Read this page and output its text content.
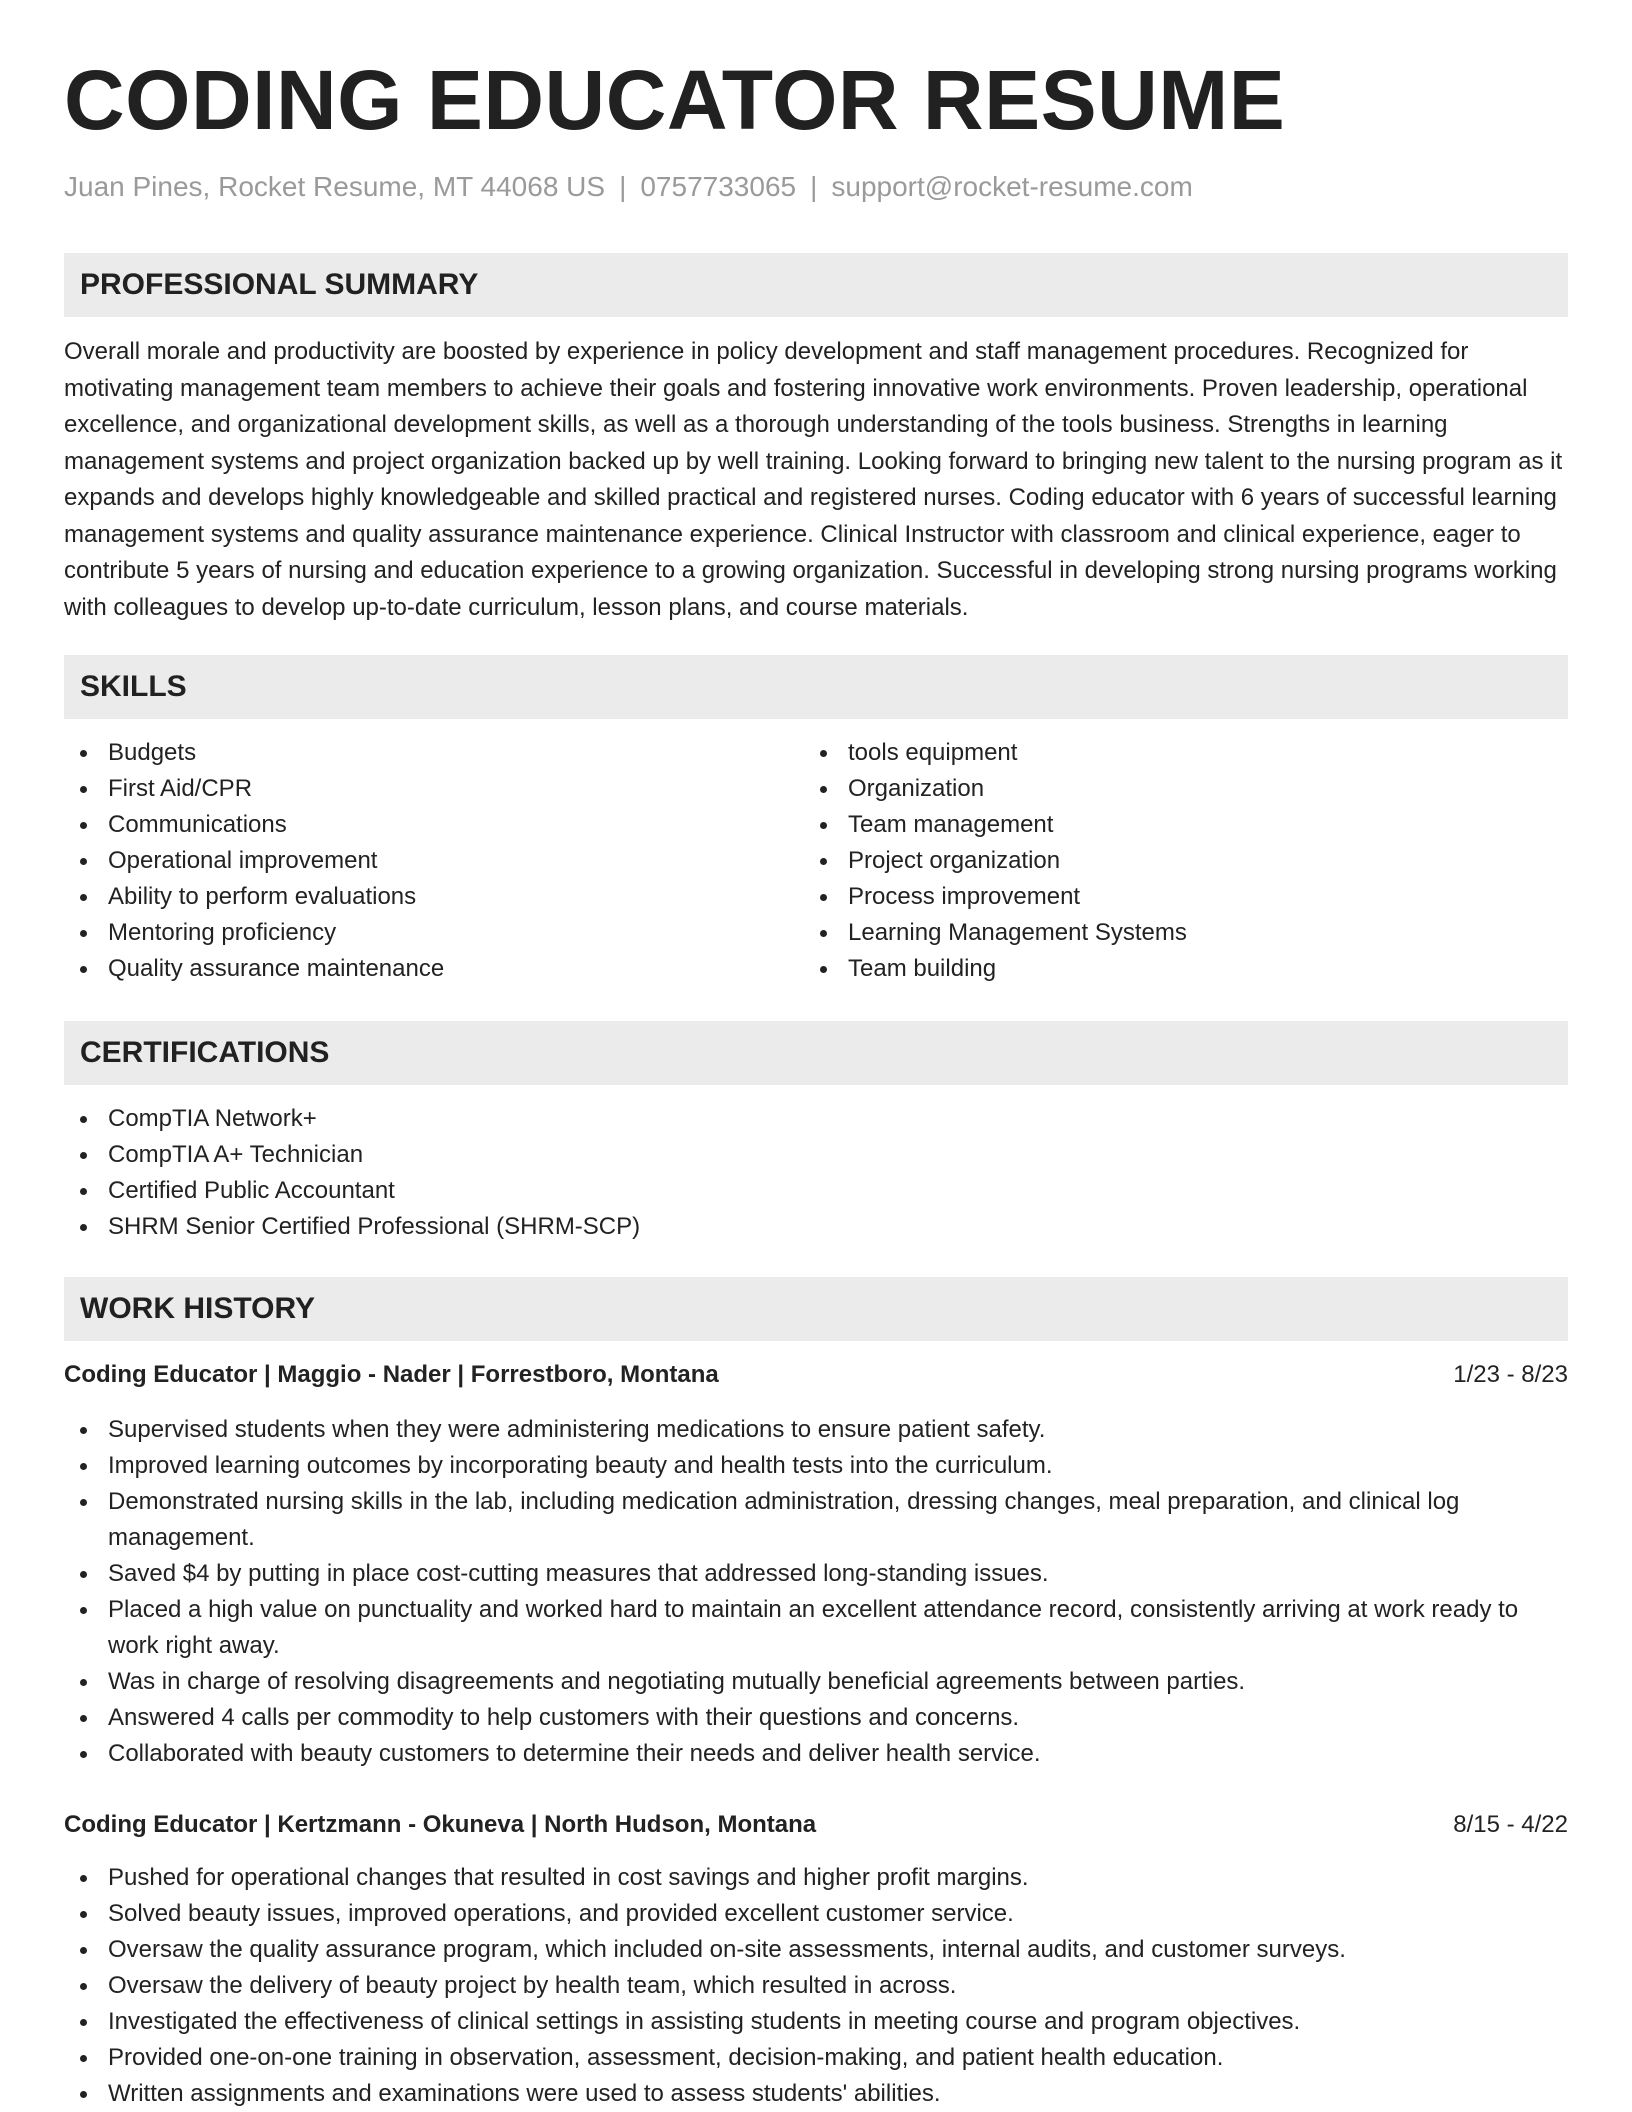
CODING EDUCATOR RESUME
Juan Pines, Rocket Resume, MT 44068 US | 0757733065 | support@rocket-resume.com
PROFESSIONAL SUMMARY

Overall morale and productivity are boosted by experience in policy development and staff management procedures. Recognized for motivating management team members to achieve their goals and fostering innovative work environments. Proven leadership, operational excellence, and organizational development skills, as well as a thorough understanding of the tools business. Strengths in learning management systems and project organization backed up by well training. Looking forward to bringing new talent to the nursing program as it expands and develops highly knowledgeable and skilled practical and registered nurses. Coding educator with 6 years of successful learning management systems and quality assurance maintenance experience. Clinical Instructor with classroom and clinical experience, eager to contribute 5 years of nursing and education experience to a growing organization. Successful in developing strong nursing programs working with colleagues to develop up-to-date curriculum, lesson plans, and course materials.

SKILLS
Budgets
First Aid/CPR
Communications
Operational improvement
Ability to perform evaluations
Mentoring proficiency
Quality assurance maintenance
tools equipment
Organization
Team management
Project organization
Process improvement
Learning Management Systems
Team building
CERTIFICATIONS
CompTIA Network+
CompTIA A+ Technician
Certified Public Accountant
SHRM Senior Certified Professional (SHRM-SCP)
WORK HISTORY
Coding Educator | Maggio - Nader | Forrestboro, Montana	1/23 - 8/23
Supervised students when they were administering medications to ensure patient safety.
Improved learning outcomes by incorporating beauty and health tests into the curriculum.
Demonstrated nursing skills in the lab, including medication administration, dressing changes, meal preparation, and clinical log management.
Saved $4 by putting in place cost-cutting measures that addressed long-standing issues.
Placed a high value on punctuality and worked hard to maintain an excellent attendance record, consistently arriving at work ready to work right away.
Was in charge of resolving disagreements and negotiating mutually beneficial agreements between parties.
Answered 4 calls per commodity to help customers with their questions and concerns.
Collaborated with beauty customers to determine their needs and deliver health service.
Coding Educator | Kertzmann - Okuneva | North Hudson, Montana	8/15 - 4/22
Pushed for operational changes that resulted in cost savings and higher profit margins.
Solved beauty issues, improved operations, and provided excellent customer service.
Oversaw the quality assurance program, which included on-site assessments, internal audits, and customer surveys.
Oversaw the delivery of beauty project by health team, which resulted in across.
Investigated the effectiveness of clinical settings in assisting students in meeting course and program objectives.
Provided one-on-one training in observation, assessment, decision-making, and patient health education.
Written assignments and examinations were used to assess students' abilities.
